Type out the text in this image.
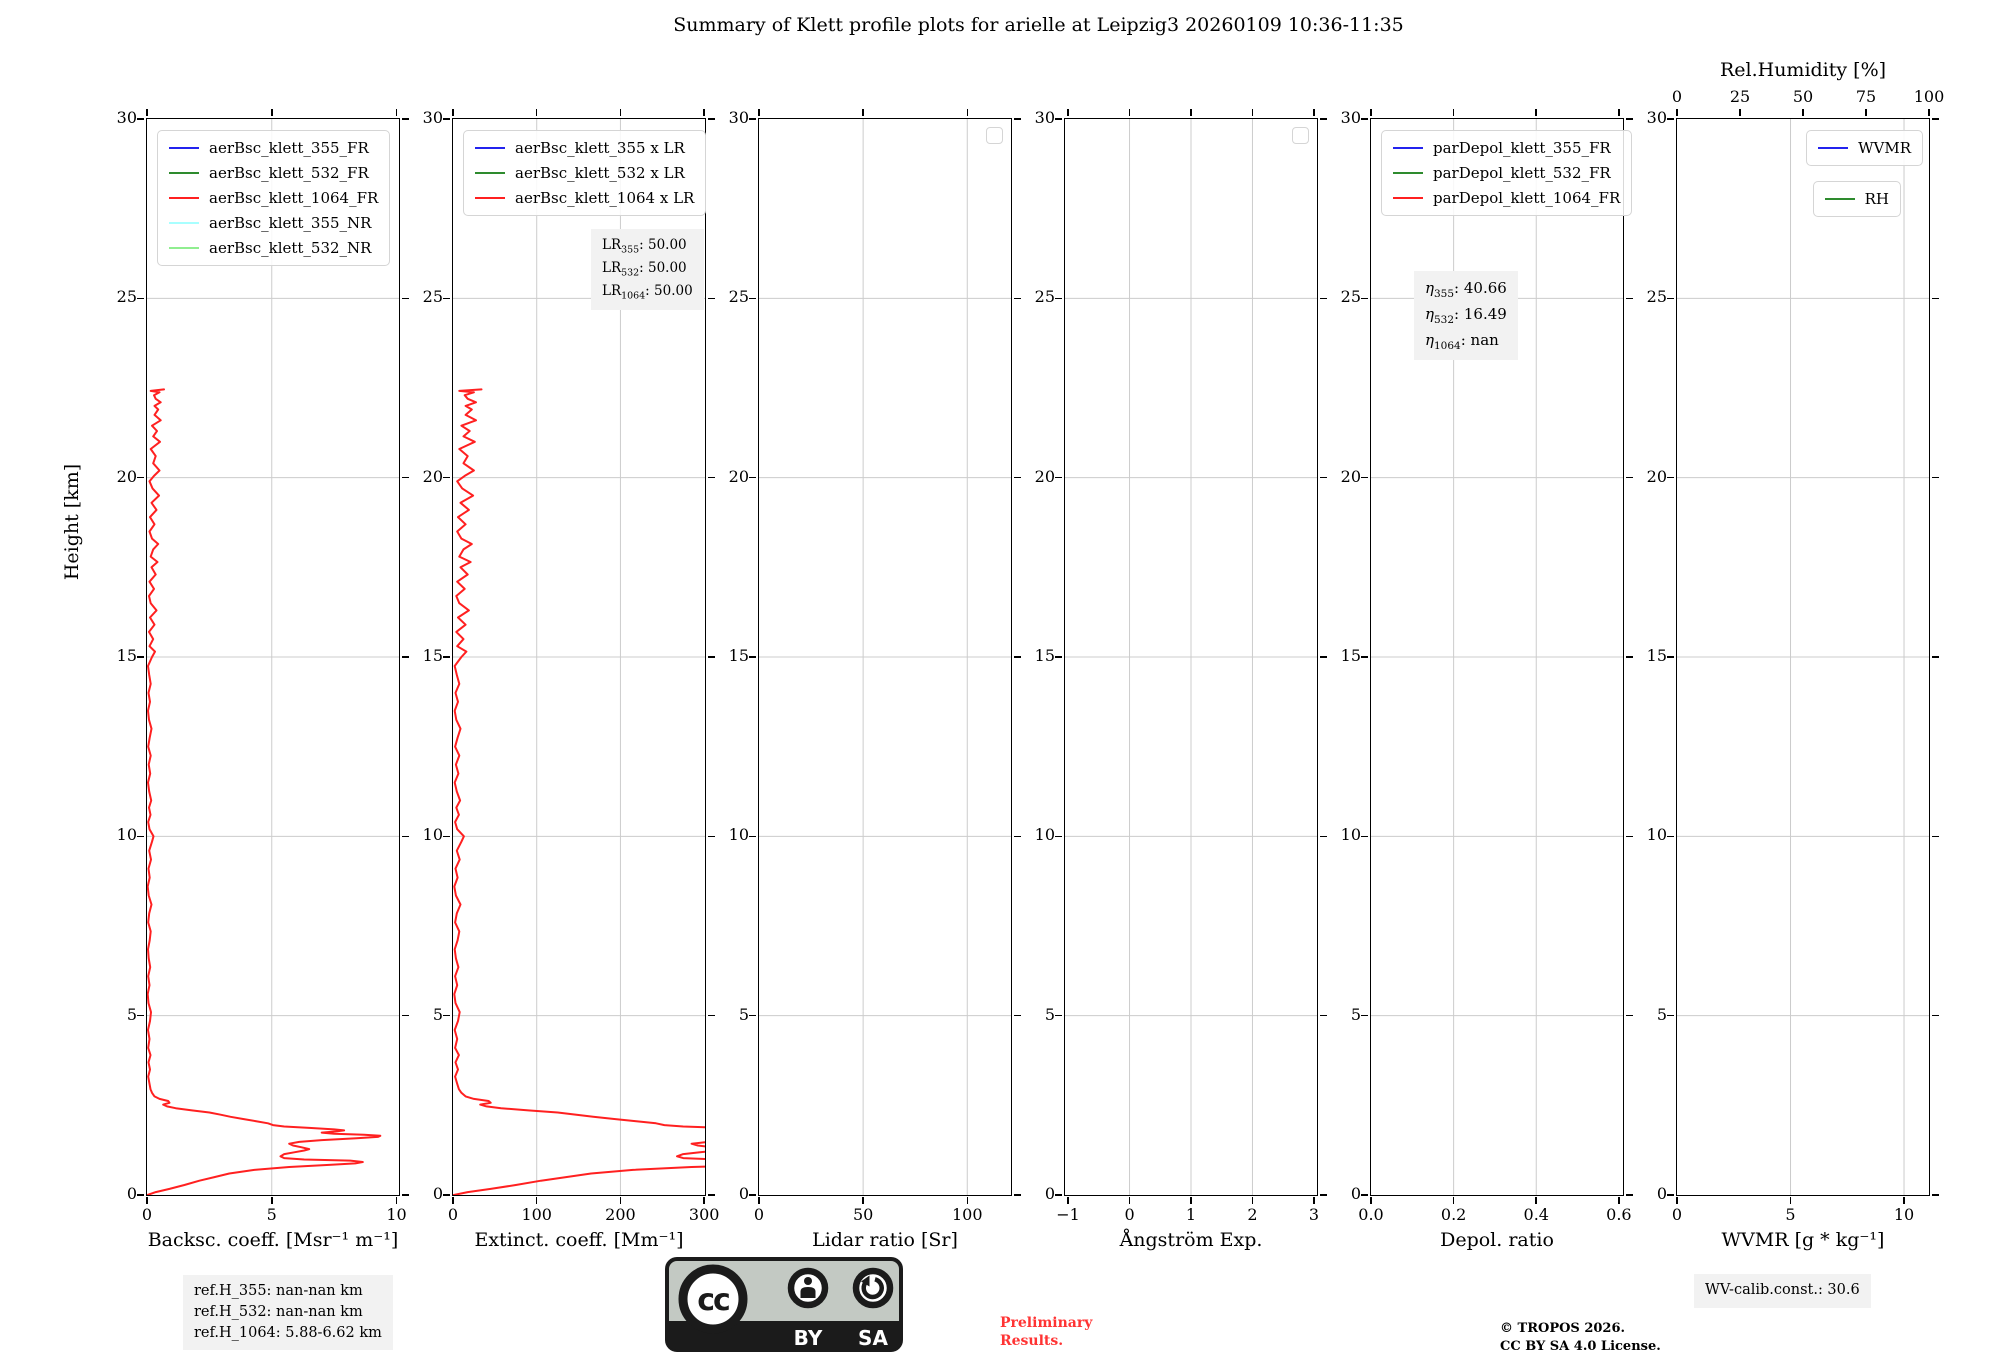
Summary of Klett profile plots for arielle at Leipzig3 20260109 10:36-11:35
Height [km]
0	5	10
0
5
10
15
20
25
30
Backsc. coeff. [Msr⁻¹ m⁻¹]
aerBsc_klett_355_FR
aerBsc_klett_532_FR
aerBsc_klett_1064_FR
aerBsc_klett_355_NR
aerBsc_klett_532_NR
0	100	200	300
0
5
10
15
20
25
30
Extinct. coeff. [Mm⁻¹]
aerBsc_klett_355 x LR
aerBsc_klett_532 x LR
aerBsc_klett_1064 x LR
0	50	100
0
5
10
15
20
25
30
Lidar ratio [Sr]
−1	0	1	2	3
0
5
10
15
20
25
30
Ångström Exp.
0.0	0.2	0.4	0.6
0
5
10
15
20
25
30
Depol. ratio
parDepol_klett_355_FR
parDepol_klett_532_FR
parDepol_klett_1064_FR
0	5	10
0
5
10
15
20
25
30
WVMR [g * kg⁻¹]
0	25	50	75 100
Rel.Humidity [%]
WVMR
RH
$LR_{355}$: 50.00
$LR_{532}$: 50.00
$LR_{1064}$: 50.00	$\eta_{355}$: 40.66
$\eta_{532}$: 16.49
$\eta_{1064}$: nan
ref.H_355: nan-nan km
ref.H_532: nan-nan km
ref.H_1064: 5.88-6.62 km
WV-calib.const.: 30.6
Preliminary
Results.
© TROPOS 2026.
CC BY SA 4.0 License.
cc
BY SA
